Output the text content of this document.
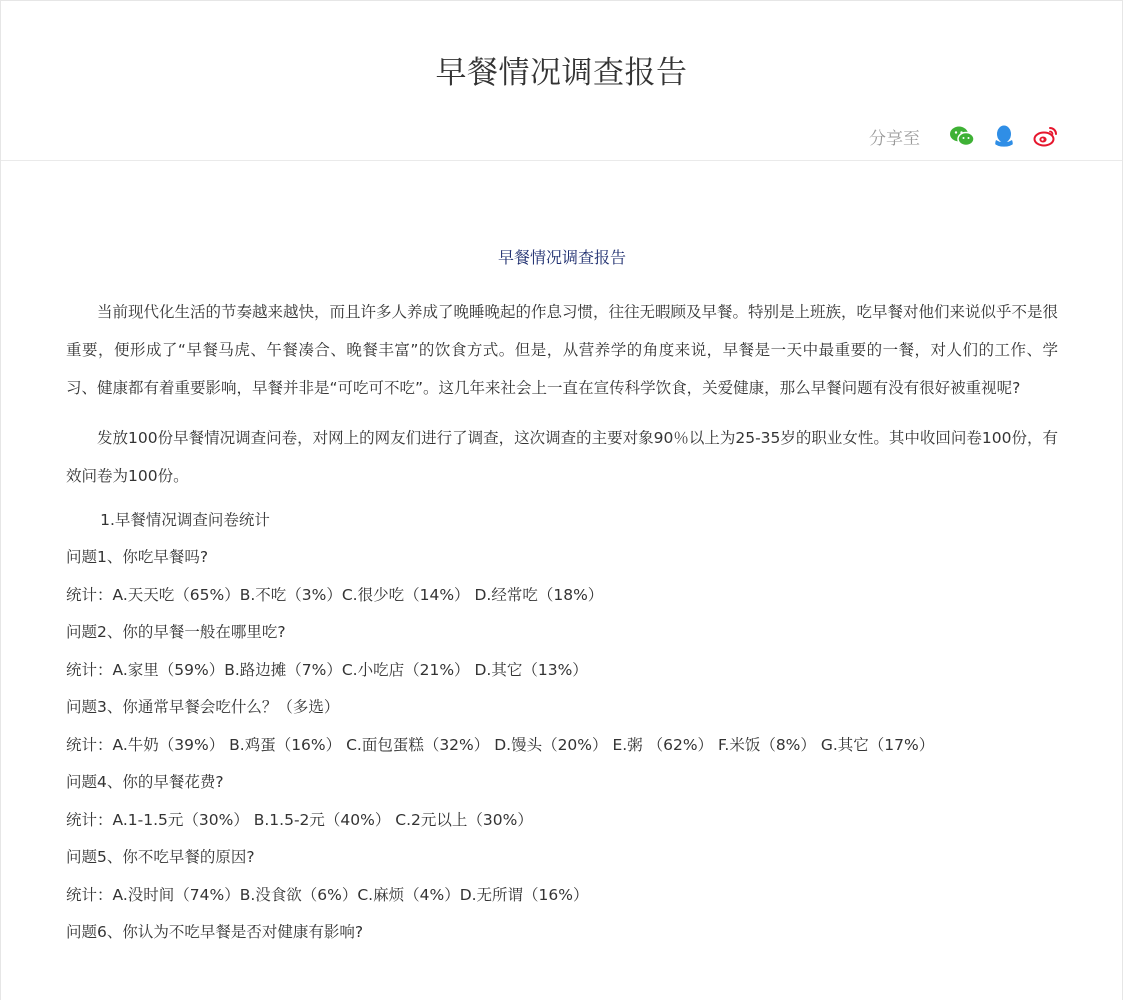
早餐情况调查报告
分享至
早餐情况调查报告

当前现代化生活的节奏越来越快，而且许多人养成了晚睡晚起的作息习惯，往往无暇顾及早餐。特别是上班族，吃早餐对他们来说似乎不是很重要，便形成了“早餐马虎、午餐凑合、晚餐丰富”的饮食方式。但是，从营养学的角度来说，早餐是一天中最重要的一餐，对人们的工作、学习、健康都有着重要影响，早餐并非是“可吃可不吃”。这几年来社会上一直在宣传科学饮食，关爱健康，那么早餐问题有没有很好被重视呢?

发放100份早餐情况调查问卷，对网上的网友们进行了调查，这次调查的主要对象90％以上为25-35岁的职业女性。其中收回问卷100份，有效问卷为100份。

1.早餐情况调查问卷统计
问题1、你吃早餐吗?
统计：A.天天吃（65%）B.不吃（3%）C.很少吃（14%） D.经常吃（18%）
问题2、你的早餐一般在哪里吃?
统计：A.家里（59%）B.路边摊（7%）C.小吃店（21%） D.其它（13%）
问题3、你通常早餐会吃什么？（多选）
统计：A.牛奶（39%） B.鸡蛋（16%） C.面包蛋糕（32%） D.馒头（20%） E.粥 （62%） F.米饭（8%） G.其它（17%）
问题4、你的早餐花费?
统计：A.1-1.5元（30%） B.1.5-2元（40%） C.2元以上（30%）
问题5、你不吃早餐的原因?
统计：A.没时间（74%）B.没食欲（6%）C.麻烦（4%）D.无所谓（16%）
问题6、你认为不吃早餐是否对健康有影响?
